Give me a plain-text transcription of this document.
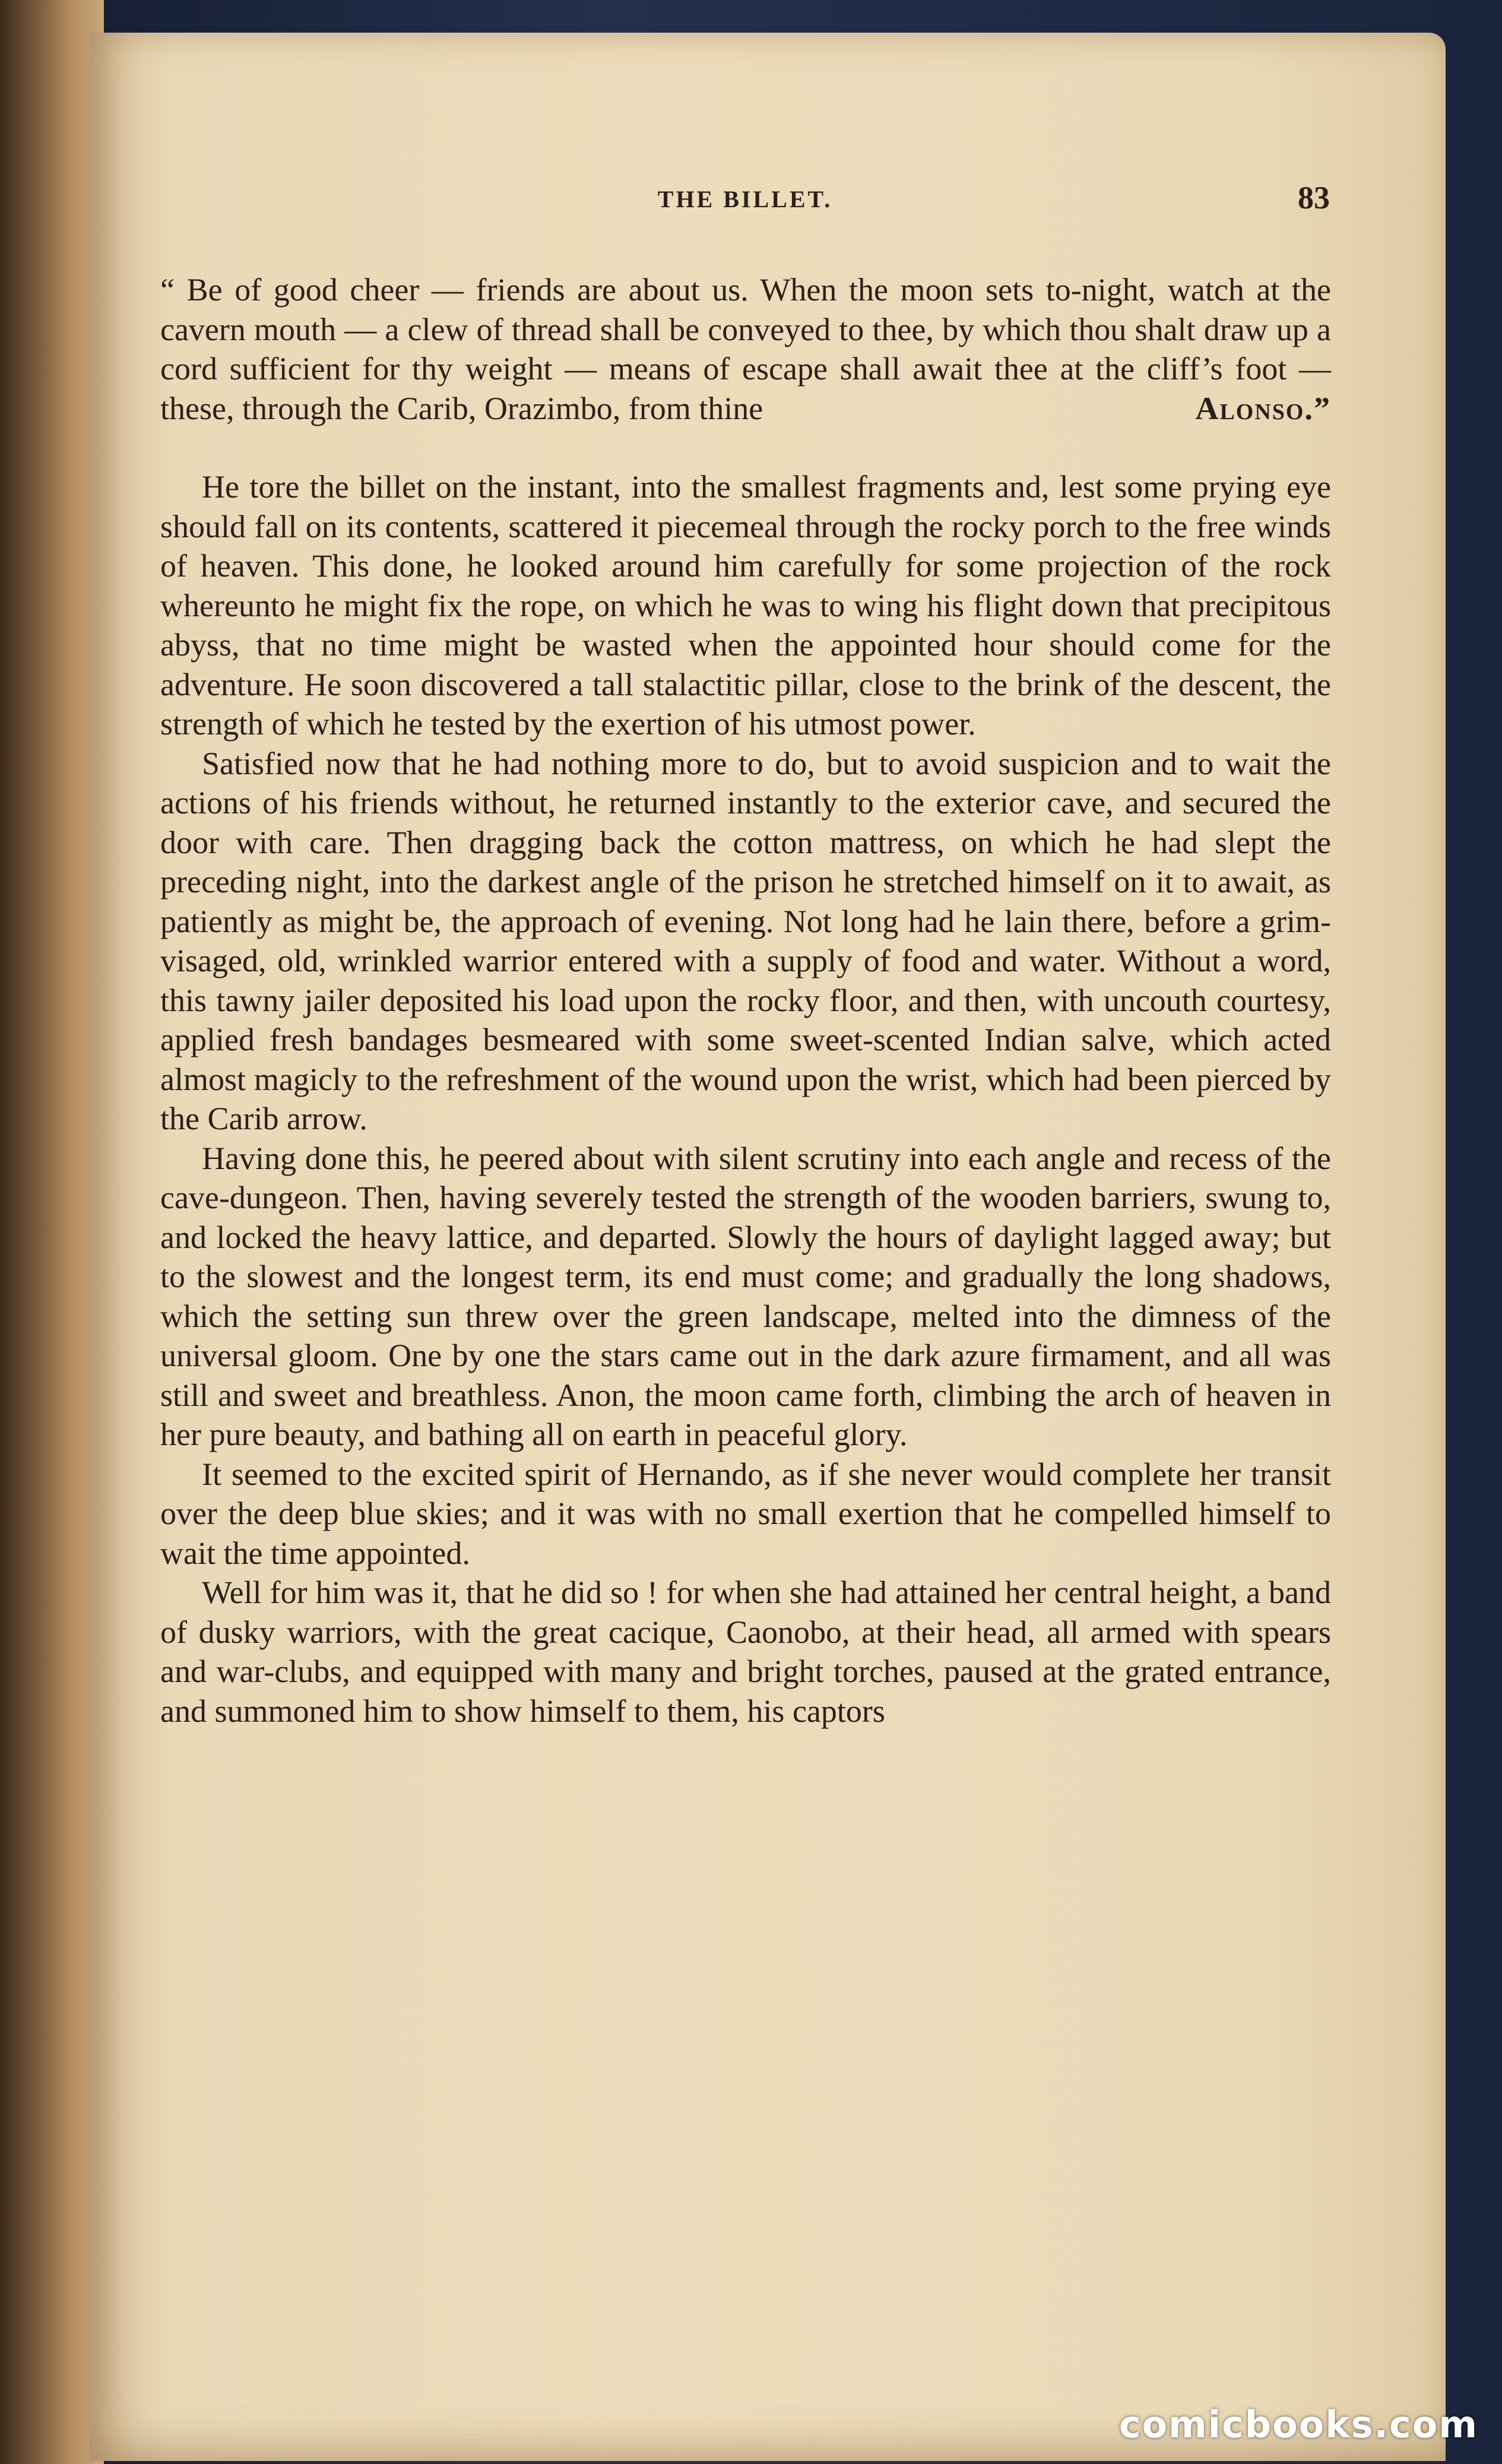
THE BILLET.	83

“ Be of good cheer — friends are about us. When the moon sets to-night, watch at the cavern mouth — a clew of thread shall be conveyed to thee, by which thou shalt draw up a cord sufficient for thy weight — means of escape shall await thee at the cliff’s foot — these, through the Carib, Orazimbo, from thine	Alonso.”

He tore the billet on the instant, into the smallest fragments and, lest some prying eye should fall on its contents, scattered it piecemeal through the rocky porch to the free winds of heaven. This done, he looked around him carefully for some projection of the rock whereunto he might fix the rope, on which he was to wing his flight down that precipitous abyss, that no time might be wasted when the appointed hour should come for the adventure. He soon discovered a tall stalactitic pillar, close to the brink of the descent, the strength of which he tested by the exertion of his utmost power.

Satisfied now that he had nothing more to do, but to avoid suspicion and to wait the actions of his friends without, he returned instantly to the exterior cave, and secured the door with care. Then dragging back the cotton mattress, on which he had slept the preceding night, into the darkest angle of the prison he stretched himself on it to await, as patiently as might be, the approach of evening. Not long had he lain there, before a grim-visaged, old, wrinkled warrior entered with a supply of food and water. Without a word, this tawny jailer deposited his load upon the rocky floor, and then, with uncouth courtesy, applied fresh bandages besmeared with some sweet-scented Indian salve, which acted almost magicly to the refreshment of the wound upon the wrist, which had been pierced by the Carib arrow.

Having done this, he peered about with silent scrutiny into each angle and recess of the cave-dungeon. Then, having severely tested the strength of the wooden barriers, swung to, and locked the heavy lattice, and departed. Slowly the hours of daylight lagged away; but to the slowest and the longest term, its end must come; and gradually the long shadows, which the setting sun threw over the green landscape, melted into the dimness of the universal gloom. One by one the stars came out in the dark azure firmament, and all was still and sweet and breathless. Anon, the moon came forth, climbing the arch of heaven in her pure beauty, and bathing all on earth in peaceful glory.

It seemed to the excited spirit of Hernando, as if she never would complete her transit over the deep blue skies; and it was with no small exertion that he compelled himself to wait the time appointed.

Well for him was it, that he did so ! for when she had attained her central height, a band of dusky warriors, with the great cacique, Caonobo, at their head, all armed with spears and war-clubs, and equipped with many and bright torches, paused at the grated entrance, and summoned him to show himself to them, his captors

comicbooks.com
